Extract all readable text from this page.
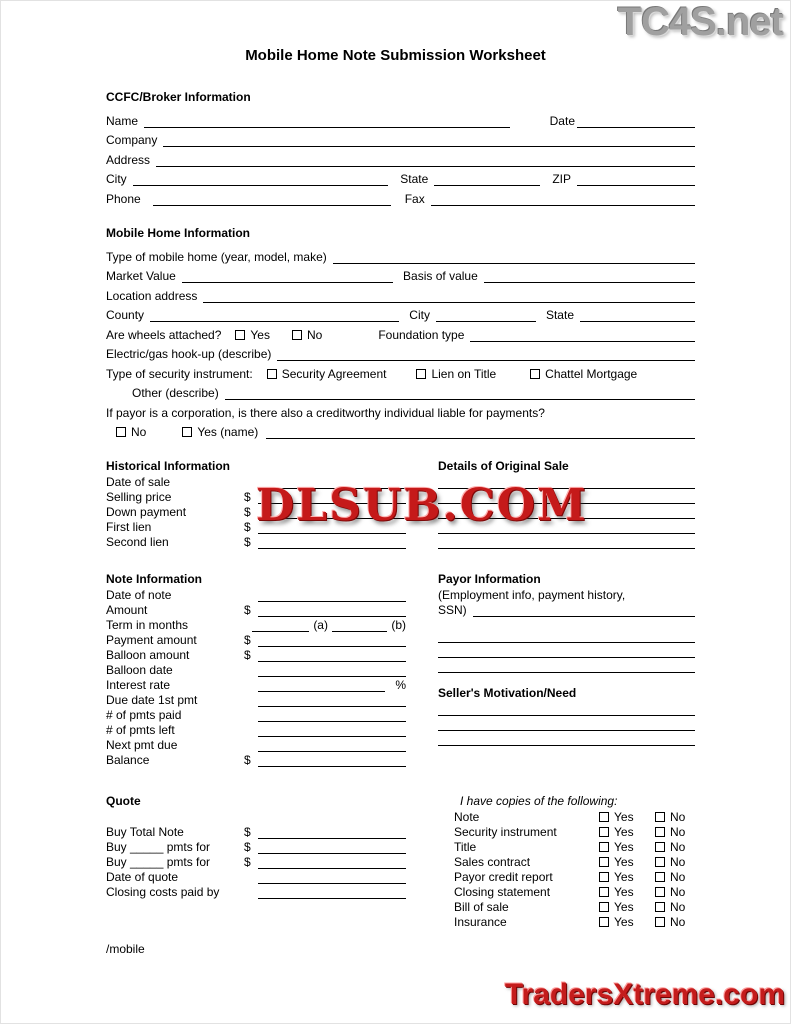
TC4S.net
Mobile Home Note Submission Worksheet
CCFC/Broker Information
Name	Date
Company
Address
City	State	ZIP
Phone	Fax
Mobile Home Information
Type of mobile home (year, model, make)
Market Value	Basis of value
Location address
County	City	State
Are wheels attached? Yes	No	Foundation type
Electric/gas hook-up (describe)
Type of security instrument: Security Agreement	Lien on Title	Chattel Mortgage
Other (describe)
If payor is a corporation, is there also a creditworthy individual liable for payments?
No	Yes (name)
Historical Information
Date of sale
Selling price	$
Down payment	$
First lien	$
Second lien	$
Details of Original Sale
DLSUB.COM
Note Information
Date of note
Amount	$
Term in months	(a)	(b)
Payment amount	$
Balloon amount	$
Balloon date
Interest rate	%
Due date 1st pmt
# of pmts paid
# of pmts left
Next pmt due
Balance	$
Payor Information
(Employment info, payment history,
SSN)
Seller's Motivation/Need
Quote
Buy Total Note	$
Buy _____ pmts for	$
Buy _____ pmts for	$
Date of quote
Closing costs paid by
I have copies of the following:
Note	Yes	No
Security instrument	Yes	No
Title	Yes	No
Sales contract	Yes	No
Payor credit report	Yes	No
Closing statement	Yes	No
Bill of sale	Yes	No
Insurance	Yes	No
/mobile
TradersXtreme.com
